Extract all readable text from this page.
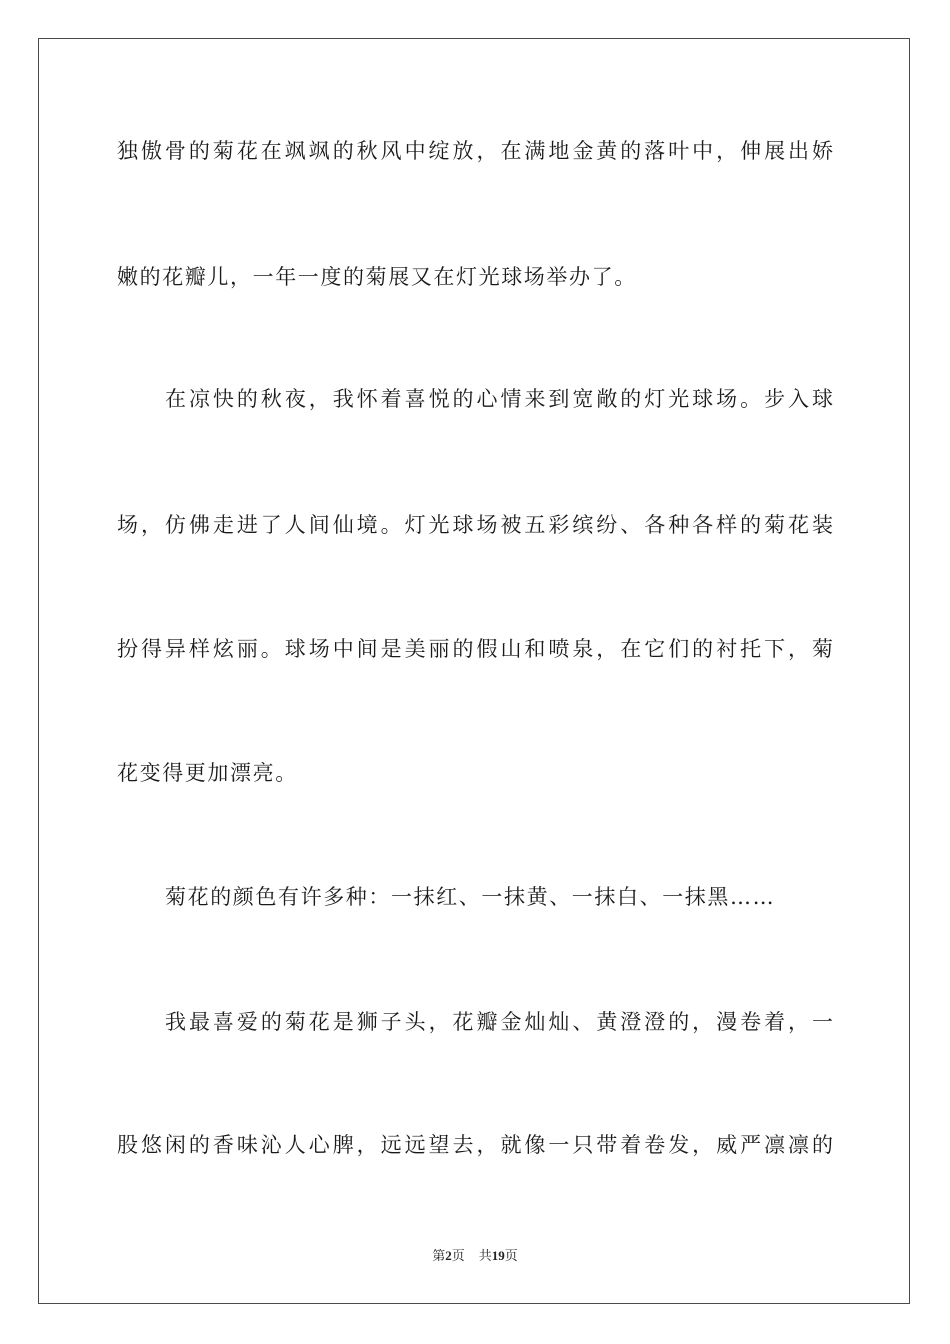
独傲骨的菊花在飒飒的秋风中绽放，在满地金黄的落叶中，伸展出娇
嫩的花瓣儿，一年一度的菊展又在灯光球场举办了。
在凉快的秋夜，我怀着喜悦的心情来到宽敞的灯光球场。步入球
场，仿佛走进了人间仙境。灯光球场被五彩缤纷、各种各样的菊花装
扮得异样炫丽。球场中间是美丽的假山和喷泉，在它们的衬托下，菊
花变得更加漂亮。
菊花的颜色有许多种：一抹红、一抹黄、一抹白、一抹黑……
我最喜爱的菊花是狮子头，花瓣金灿灿、黄澄澄的，漫卷着，一
股悠闲的香味沁人心脾，远远望去，就像一只带着卷发，威严凛凛的
第2页 共19页
